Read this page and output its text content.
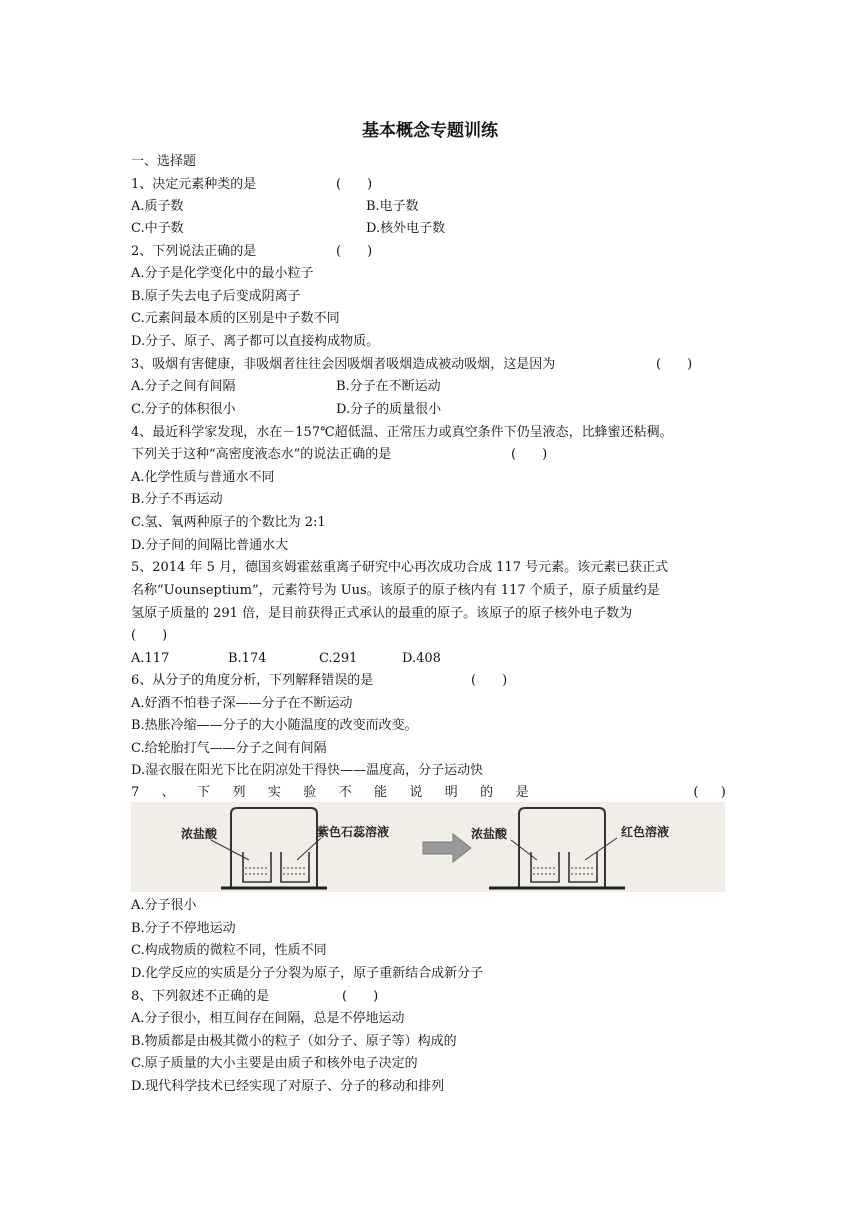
基本概念专题训练
一、选择题
1、决定元素种类的是	(　　)
A.质子数	B.电子数
C.中子数	D.核外电子数
2、下列说法正确的是	(　　)
A.分子是化学变化中的最小粒子
B.原子失去电子后变成阴离子
C.元素间最本质的区别是中子数不同
D.分子、原子、离子都可以直接构成物质。
3、吸烟有害健康，非吸烟者往往会因吸烟者吸烟造成被动吸烟，这是因为	(　　)
A.分子之间有间隔	B.分子在不断运动
C.分子的体积很小	D.分子的质量很小
4、最近科学家发现，水在－157℃超低温、正常压力或真空条件下仍呈液态，比蜂蜜还粘稠。
下列关于这种“高密度液态水”的说法正确的是	(　　)
A.化学性质与普通水不同
B.分子不再运动
C.氢、氧两种原子的个数比为 2:1
D.分子间的间隔比普通水大
5、2014 年 5 月，德国亥姆霍兹重离子研究中心再次成功合成 117 号元素。该元素已获正式
名称“Uounseptium”，元素符号为 Uus。该原子的原子核内有 117 个质子，原子质量约是
氢原子质量的 291 倍，是目前获得正式承认的最重的原子。该原子的原子核外电子数为
(　　)
A.117	B.174	C.291	D.408
6、从分子的角度分析，下列解释错误的是	(　　)
A.好酒不怕巷子深——分子在不断运动
B.热胀冷缩——分子的大小随温度的改变而改变。
C.给轮胎打气——分子之间有间隔
D.湿衣服在阳光下比在阴凉处干得快——温度高，分子运动快
7 、 下 列 实 验 不 能 说 明 的 是	( )
浓盐酸	紫色石蕊溶液	浓盐酸	红色溶液
A.分子很小
B.分子不停地运动
C.构成物质的微粒不同，性质不同
D.化学反应的实质是分子分裂为原子，原子重新结合成新分子
8、下列叙述不正确的是	(　　)
A.分子很小，相互间存在间隔，总是不停地运动
B.物质都是由极其微小的粒子（如分子、原子等）构成的
C.原子质量的大小主要是由质子和核外电子决定的
D.现代科学技术已经实现了对原子、分子的移动和排列
